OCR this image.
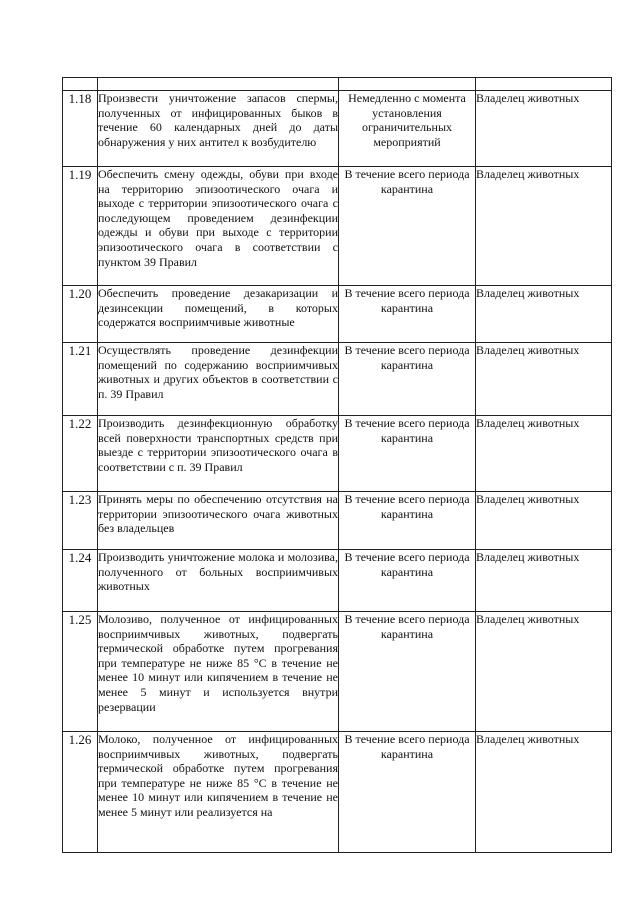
1.18	Произвести уничтожение запасов спермы, полученных от инфицированных быков в течение 60 календарных дней до даты обнаружения у них антител к возбудителю	Немедленно с момента установления ограничительных мероприятий	Владелец животных
1.19	Обеспечить смену одежды, обуви при входе на территорию эпизоотического очага и выходе с территории эпизоотического очага с последующем проведением дезинфекции одежды и обуви при выходе с территории эпизоотического очага в соответствии с пунктом 39 Правил	В течение всего периода карантина	Владелец животных
1.20	Обеспечить проведение дезакаризации и дезинсекции помещений, в которых содержатся восприимчивые животные	В течение всего периода карантина	Владелец животных
1.21	Осуществлять проведение дезинфекции помещений по содержанию восприимчивых животных и других объектов в соответствии с п. 39 Правил	В течение всего периода карантина	Владелец животных
1.22	Производить дезинфекционную обработку всей поверхности транспортных средств при выезде с территории эпизоотического очага в соответствии с п. 39 Правил	В течение всего периода карантина	Владелец животных
1.23	Принять меры по обеспечению отсутствия на территории эпизоотического очага животных без владельцев	В течение всего периода карантина	Владелец животных
1.24	Производить уничтожение молока и молозива, полученного от больных восприимчивых животных	В течение всего периода карантина	Владелец животных
1.25	Молозиво, полученное от инфицированных восприимчивых животных, подвергать термической обработке путем прогревания при температуре не ниже 85 °С в течение не менее 10 минут или кипячением в течение не менее 5 минут и используется внутри резервации	В течение всего периода карантина	Владелец животных
1.26	Молоко, полученное от инфицированных восприимчивых животных, подвергать термической обработке путем прогревания при температуре не ниже 85 °С в течение не менее 10 минут или кипячением в течение не менее 5 минут или реализуется на	В течение всего периода карантина	Владелец животных
